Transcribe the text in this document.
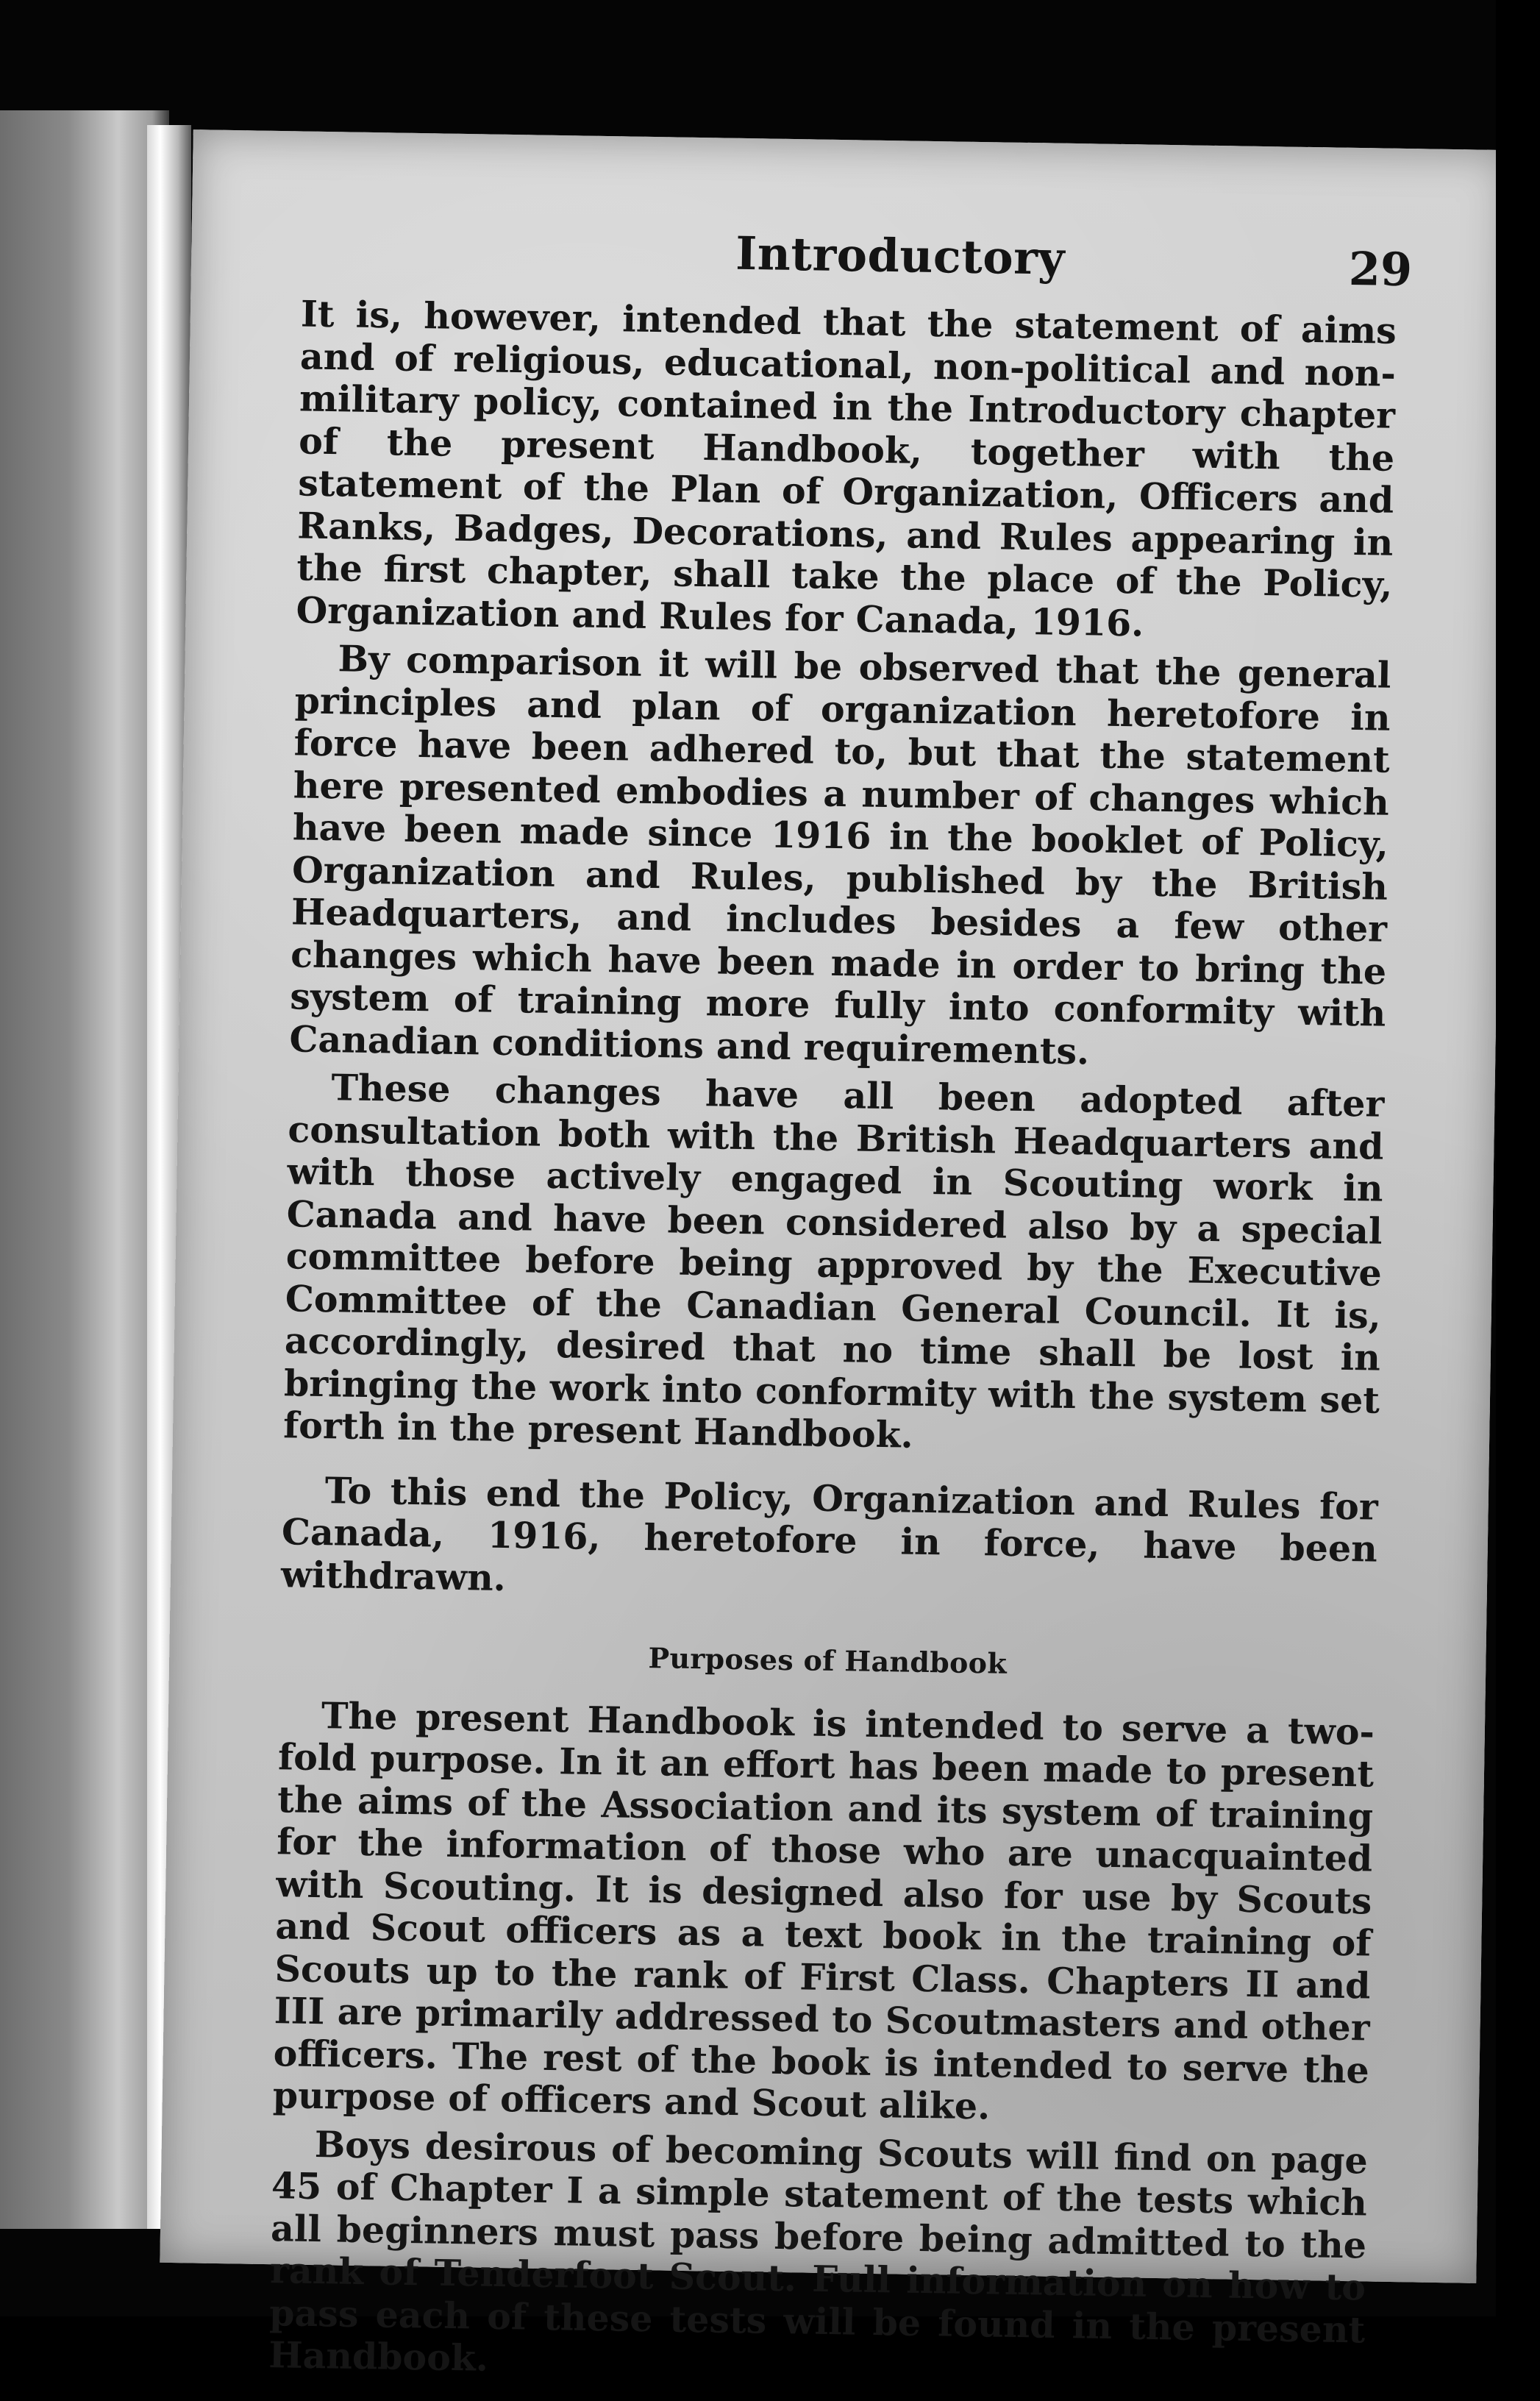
Introductory	29

It is, however, intended that the statement of aims and of religious, educational, non-political and non-military policy, contained in the Introductory chapter of the present Handbook, together with the statement of the Plan of Organization, Officers and Ranks, Badges, Decorations, and Rules appearing in the first chapter, shall take the place of the Policy, Organization and Rules for Canada, 1916.

By comparison it will be observed that the general principles and plan of organization heretofore in force have been adhered to, but that the statement here presented embodies a number of changes which have been made since 1916 in the booklet of Policy, Organization and Rules, published by the British Headquarters, and includes besides a few other changes which have been made in order to bring the system of training more fully into conformity with Canadian conditions and requirements.

These changes have all been adopted after consultation both with the British Headquarters and with those actively engaged in Scouting work in Canada and have been considered also by a special committee before being approved by the Executive Committee of the Canadian General Council. It is, accordingly, desired that no time shall be lost in bringing the work into conformity with the system set forth in the present Handbook.

To this end the Policy, Organization and Rules for Canada, 1916, heretofore in force, have been withdrawn.

Purposes of Handbook

The present Handbook is intended to serve a two-fold purpose. In it an effort has been made to present the aims of the Association and its system of training for the information of those who are unacquainted with Scouting. It is designed also for use by Scouts and Scout officers as a text book in the training of Scouts up to the rank of First Class. Chapters II and III are primarily addressed to Scoutmasters and other officers. The rest of the book is intended to serve the purpose of officers and Scout alike.

Boys desirous of becoming Scouts will find on page 45 of Chapter I a simple statement of the tests which all beginners must pass before being admitted to the rank of Tenderfoot Scout. Full information on how to pass each of these tests will be found in the present Handbook.
